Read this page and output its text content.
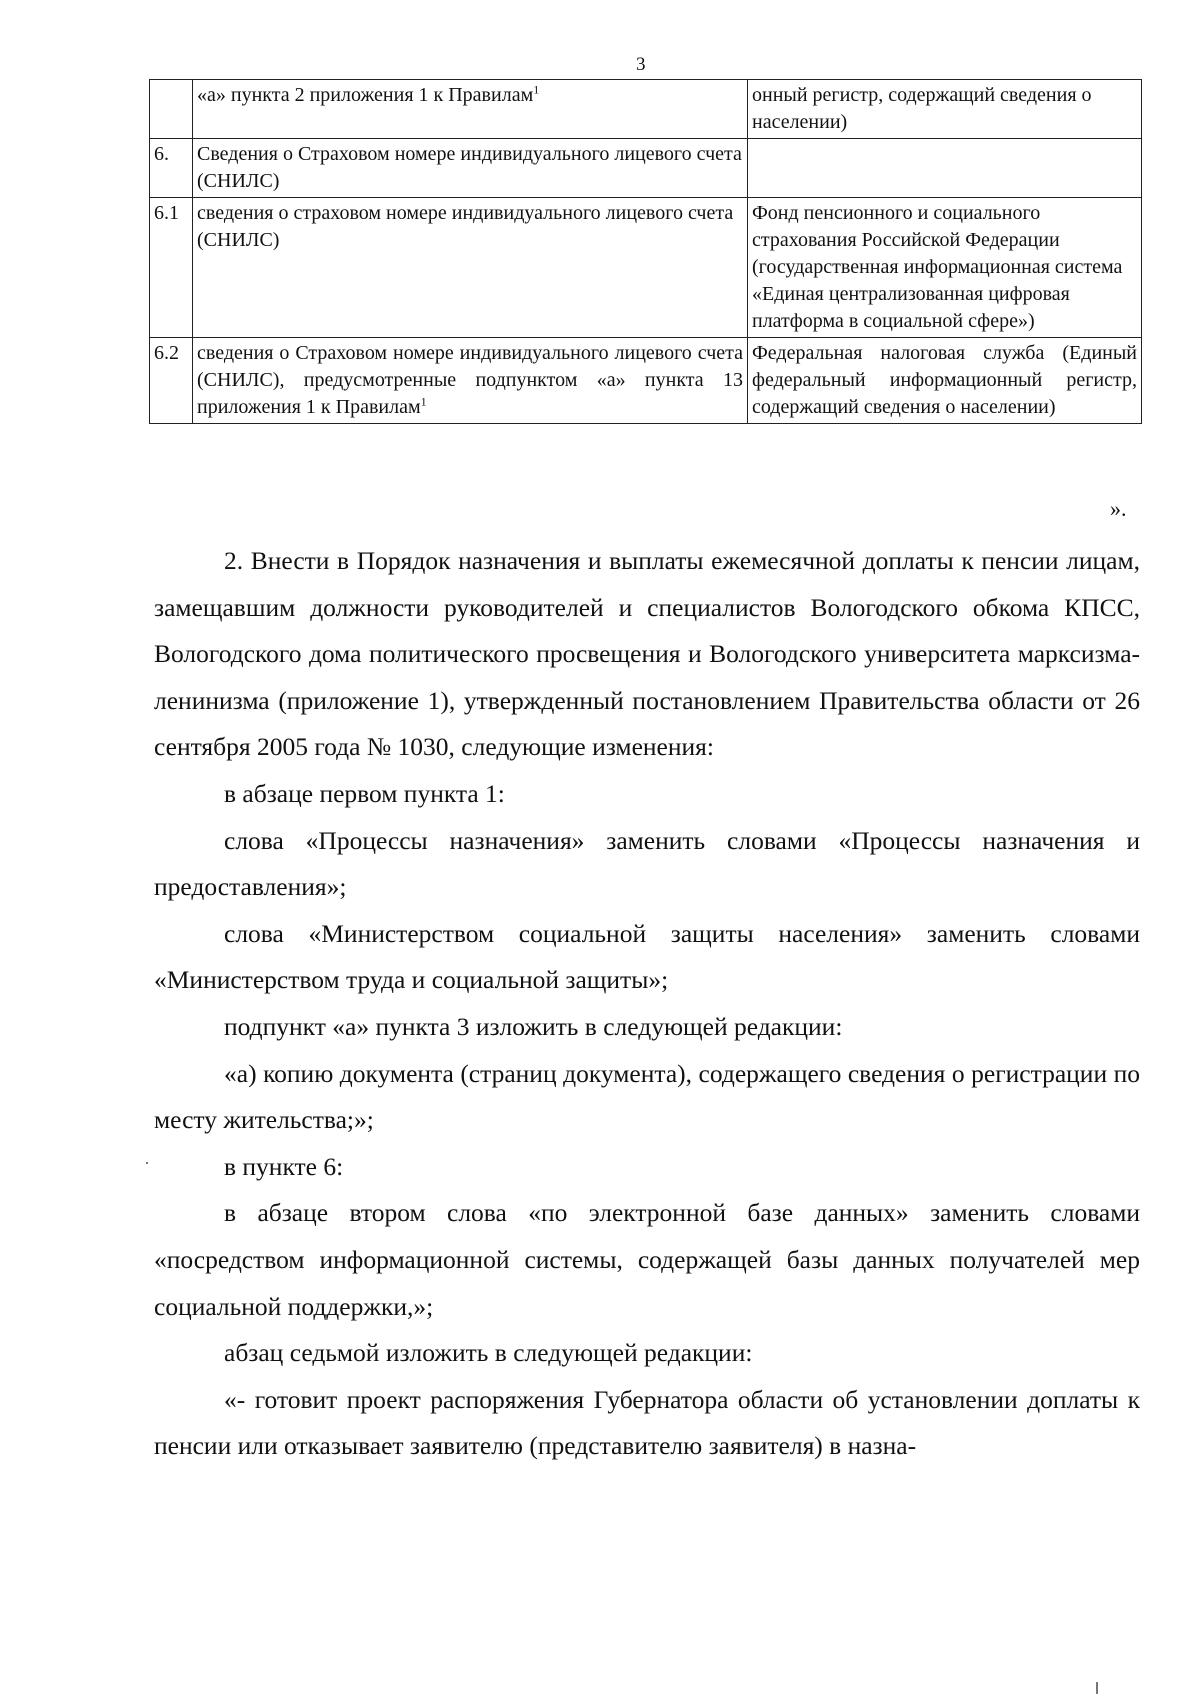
3
	«а» пункта 2 приложения 1 к Правилам$^1$	онный регистр, содержащий сведения о населении)
6.	Сведения о Страховом номере индивидуального лицевого счета (СНИЛС)	
6.1	сведения о страховом номере индивидуального лицевого счета (СНИЛС)	Фонд пенсионного и социального страхования Российской Федерации (государственная информационная система «Единая централизованная цифровая платформа в социальной сфере»)
6.2	сведения о Страховом номере индивидуального лицевого счета (СНИЛС), предусмотренные подпунктом «а» пункта 13 приложения 1 к Правилам$^1$	Федеральная налоговая служба (Единый федеральный информационный регистр, содержащий сведения о населении)
».

2. Внести в Порядок назначения и выплаты ежемесячной доплаты к пенсии лицам, замещавшим должности руководителей и специалистов Вологодского обкома КПСС, Вологодского дома политического просвещения и Вологодского университета марксизма-ленинизма (приложение 1), утвержденный постановлением Правительства области от 26 сентября 2005 года № 1030, следующие изменения:

в абзаце первом пункта 1:

слова «Процессы назначения» заменить словами «Процессы назначения и предоставления»;

слова «Министерством социальной защиты населения» заменить словами «Министерством труда и социальной защиты»;

подпункт «а» пункта 3 изложить в следующей редакции:

«а) копию документа (страниц документа), содержащего сведения о регистрации по месту жительства;»;

в пункте 6:

в абзаце втором слова «по электронной базе данных» заменить словами «посредством информационной системы, содержащей базы данных получателей мер социальной поддержки,»;

абзац седьмой изложить в следующей редакции:

«- готовит проект распоряжения Губернатора области об установлении доплаты к пенсии или отказывает заявителю (представителю заявителя) в назна-
